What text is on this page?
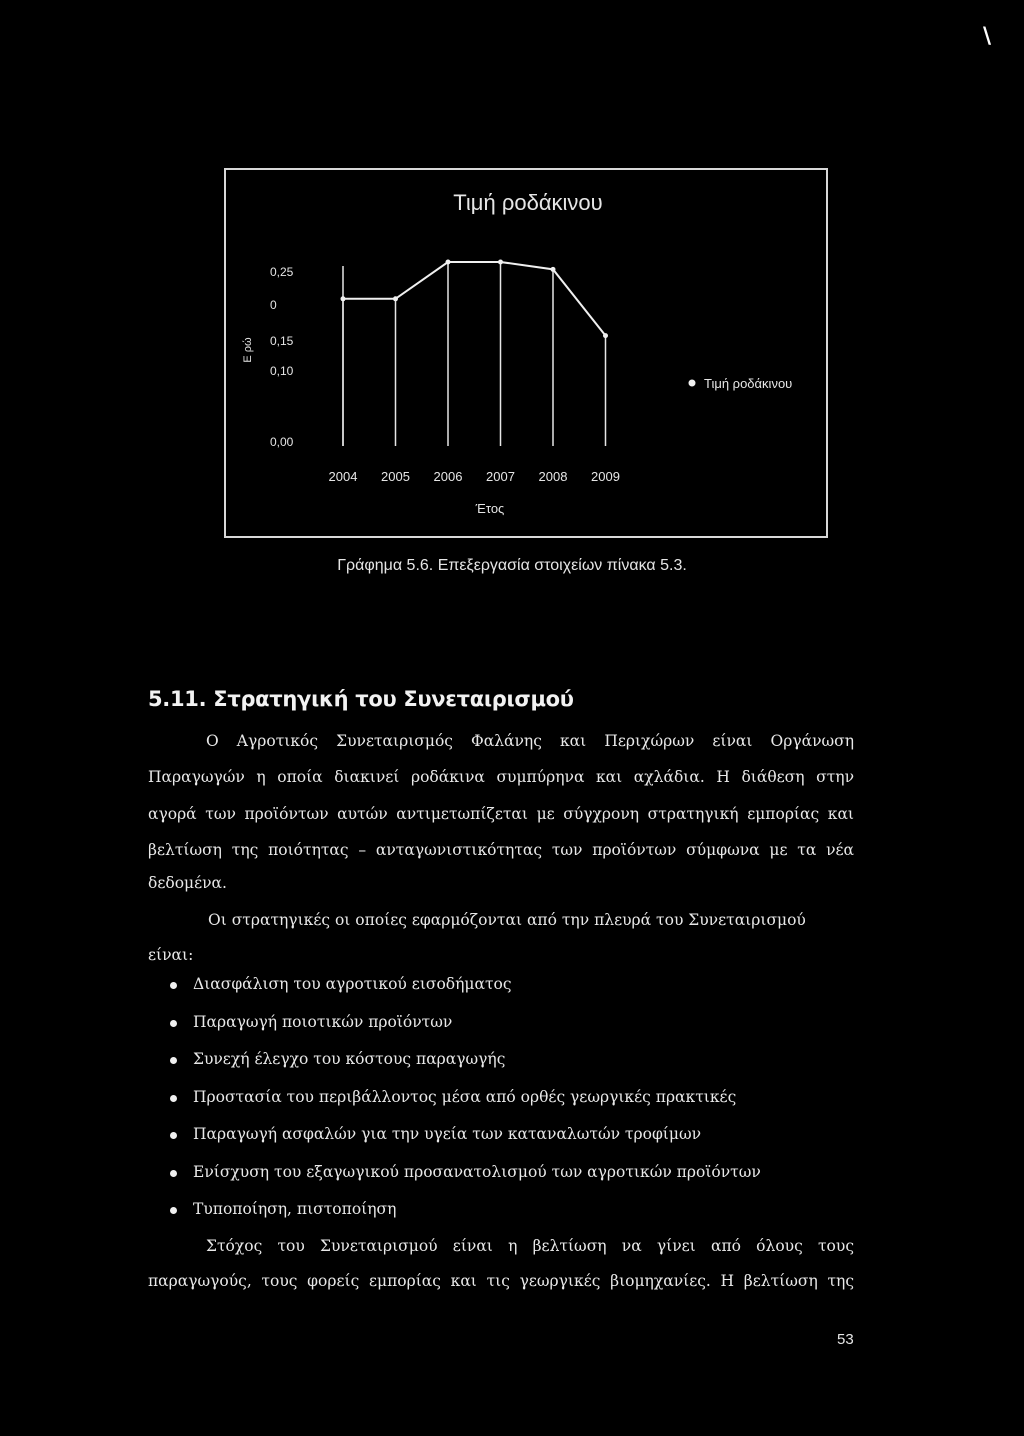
\
Τιμή ροδάκινου
Ε ρώ
0,25
0
0,15
0,10
0,00
2004 2005 2006 2007 2008 2009
Έτος
Τιμή ροδάκινου
Γράφημα 5.6. Επεξεργασία στοιχείων πίνακα 5.3.
5.11. Στρατηγική του Συνεταιρισμού
Ο Αγροτικός Συνεταιρισμός Φαλάνης και Περιχώρων είναι Οργάνωση
Παραγωγών η οποία διακινεί ροδάκινα συμπύρηνα και αχλάδια. Η διάθεση στην
αγορά των προϊόντων αυτών αντιμετωπίζεται με σύγχρονη στρατηγική εμπορίας και
βελτίωση της ποιότητας – ανταγωνιστικότητας των προϊόντων σύμφωνα με τα νέα
δεδομένα.
Οι στρατηγικές οι οποίες εφαρμόζονται από την πλευρά του Συνεταιρισμού
είναι:
Διασφάλιση του αγροτικού εισοδήματος
Παραγωγή ποιοτικών προϊόντων
Συνεχή έλεγχο του κόστους παραγωγής
Προστασία του περιβάλλοντος μέσα από ορθές γεωργικές πρακτικές
Παραγωγή ασφαλών για την υγεία των καταναλωτών τροφίμων
Ενίσχυση του εξαγωγικού προσανατολισμού των αγροτικών προϊόντων
Τυποποίηση, πιστοποίηση
Στόχος του Συνεταιρισμού είναι η βελτίωση να γίνει από όλους τους
παραγωγούς, τους φορείς εμπορίας και τις γεωργικές βιομηχανίες. Η βελτίωση της
53
